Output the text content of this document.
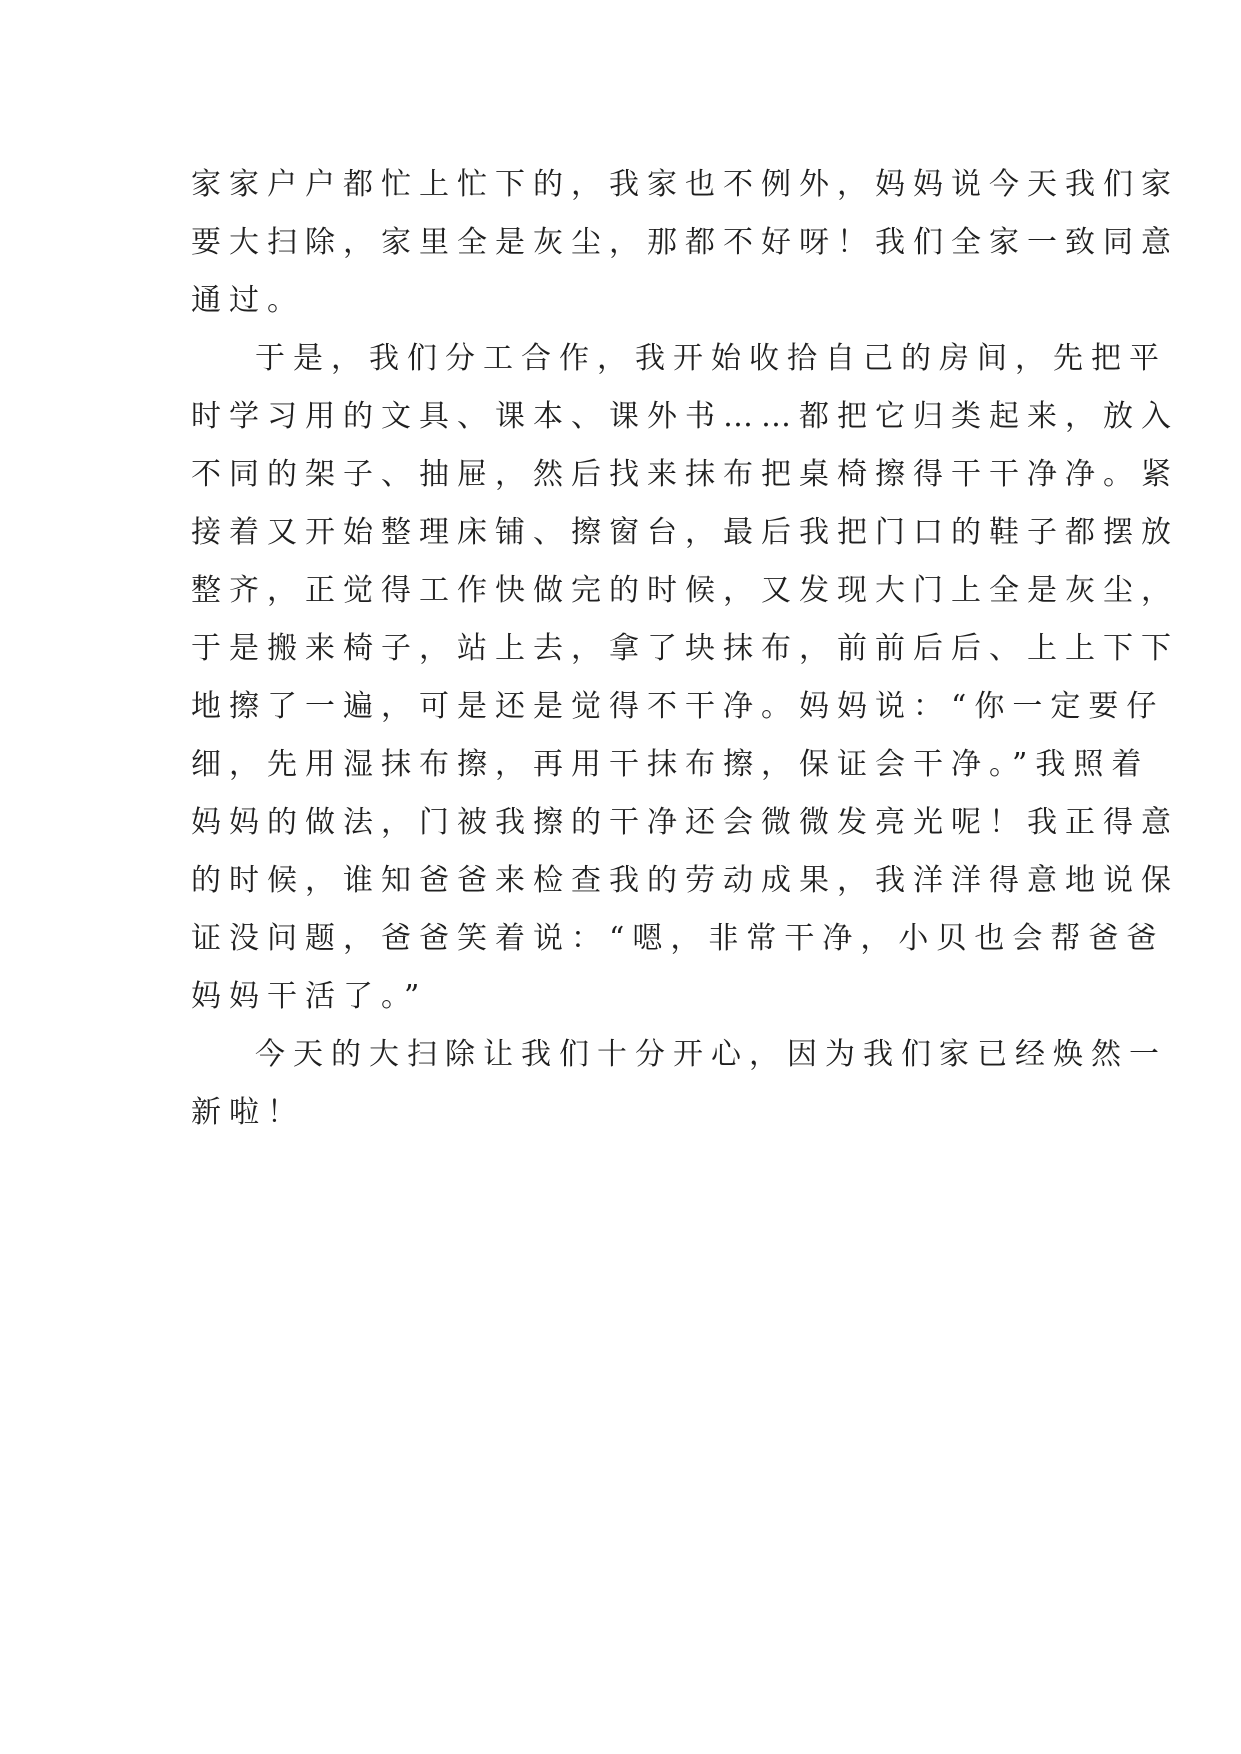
家家户户都忙上忙下的，我家也不例外，妈妈说今天我们家
要大扫除，家里全是灰尘，那都不好呀！我们全家一致同意
通过。
于是，我们分工合作，我开始收拾自己的房间，先把平
时学习用的文具、课本、课外书……都把它归类起来，放入
不同的架子、抽屉，然后找来抹布把桌椅擦得干干净净。紧
接着又开始整理床铺、擦窗台，最后我把门口的鞋子都摆放
整齐，正觉得工作快做完的时候，又发现大门上全是灰尘，
于是搬来椅子，站上去，拿了块抹布，前前后后、上上下下
地擦了一遍，可是还是觉得不干净。妈妈说：“你一定要仔
细，先用湿抹布擦，再用干抹布擦，保证会干净。”我照着
妈妈的做法，门被我擦的干净还会微微发亮光呢！我正得意
的时候，谁知爸爸来检查我的劳动成果，我洋洋得意地说保
证没问题，爸爸笑着说：“嗯，非常干净，小贝也会帮爸爸
妈妈干活了。”
今天的大扫除让我们十分开心，因为我们家已经焕然一
新啦！
